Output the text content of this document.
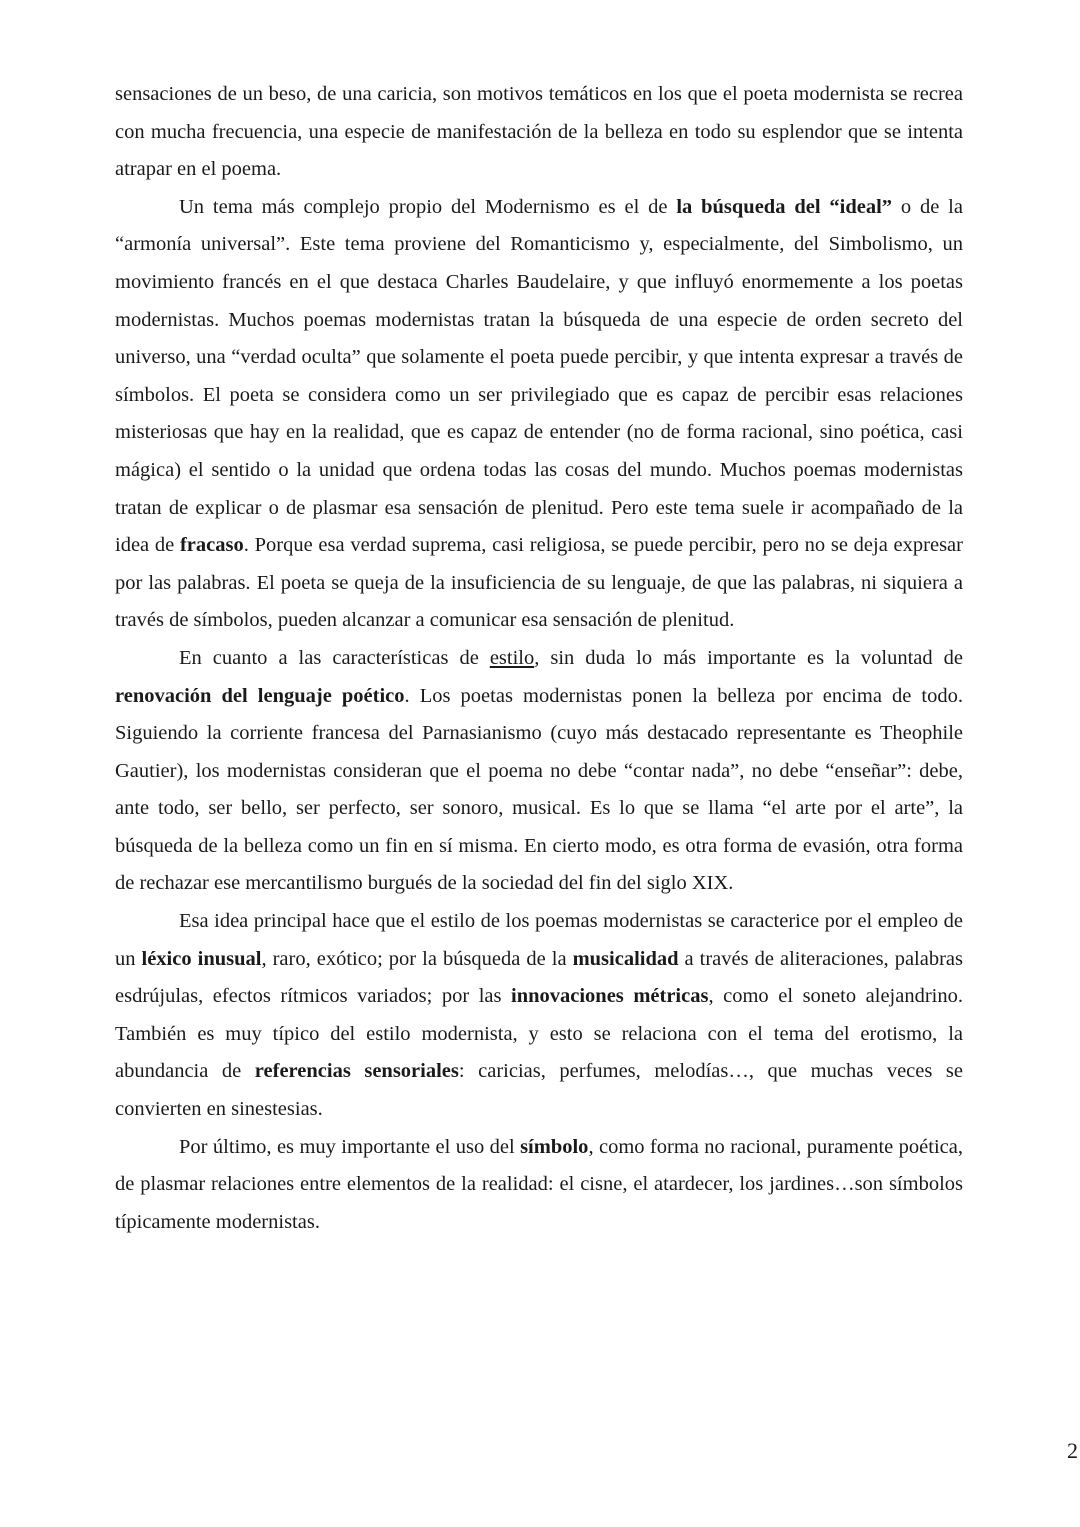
sensaciones de un beso, de una caricia, son motivos temáticos en los que el poeta modernista se recrea con mucha frecuencia, una especie de manifestación de la belleza en todo su esplendor que se intenta atrapar en el poema.

Un tema más complejo propio del Modernismo es el de la búsqueda del “ideal” o de la “armonía universal”. Este tema proviene del Romanticismo y, especialmente, del Simbolismo, un movimiento francés en el que destaca Charles Baudelaire, y que influyó enormemente a los poetas modernistas. Muchos poemas modernistas tratan la búsqueda de una especie de orden secreto del universo, una “verdad oculta” que solamente el poeta puede percibir, y que intenta expresar a través de símbolos. El poeta se considera como un ser privilegiado que es capaz de percibir esas relaciones misteriosas que hay en la realidad, que es capaz de entender (no de forma racional, sino poética, casi mágica) el sentido o la unidad que ordena todas las cosas del mundo. Muchos poemas modernistas tratan de explicar o de plasmar esa sensación de plenitud. Pero este tema suele ir acompañado de la idea de fracaso. Porque esa verdad suprema, casi religiosa, se puede percibir, pero no se deja expresar por las palabras. El poeta se queja de la insuficiencia de su lenguaje, de que las palabras, ni siquiera a través de símbolos, pueden alcanzar a comunicar esa sensación de plenitud.

En cuanto a las características de estilo, sin duda lo más importante es la voluntad de renovación del lenguaje poético. Los poetas modernistas ponen la belleza por encima de todo. Siguiendo la corriente francesa del Parnasianismo (cuyo más destacado representante es Theophile Gautier), los modernistas consideran que el poema no debe “contar nada”, no debe “enseñar”: debe, ante todo, ser bello, ser perfecto, ser sonoro, musical. Es lo que se llama “el arte por el arte”, la búsqueda de la belleza como un fin en sí misma. En cierto modo, es otra forma de evasión, otra forma de rechazar ese mercantilismo burgués de la sociedad del fin del siglo XIX.

Esa idea principal hace que el estilo de los poemas modernistas se caracterice por el empleo de un léxico inusual, raro, exótico; por la búsqueda de la musicalidad a través de aliteraciones, palabras esdrújulas, efectos rítmicos variados; por las innovaciones métricas, como el soneto alejandrino. También es muy típico del estilo modernista, y esto se relaciona con el tema del erotismo, la abundancia de referencias sensoriales: caricias, perfumes, melodías…, que muchas veces se convierten en sinestesias.

Por último, es muy importante el uso del símbolo, como forma no racional, puramente poética, de plasmar relaciones entre elementos de la realidad: el cisne, el atardecer, los jardines…son símbolos típicamente modernistas.

2
